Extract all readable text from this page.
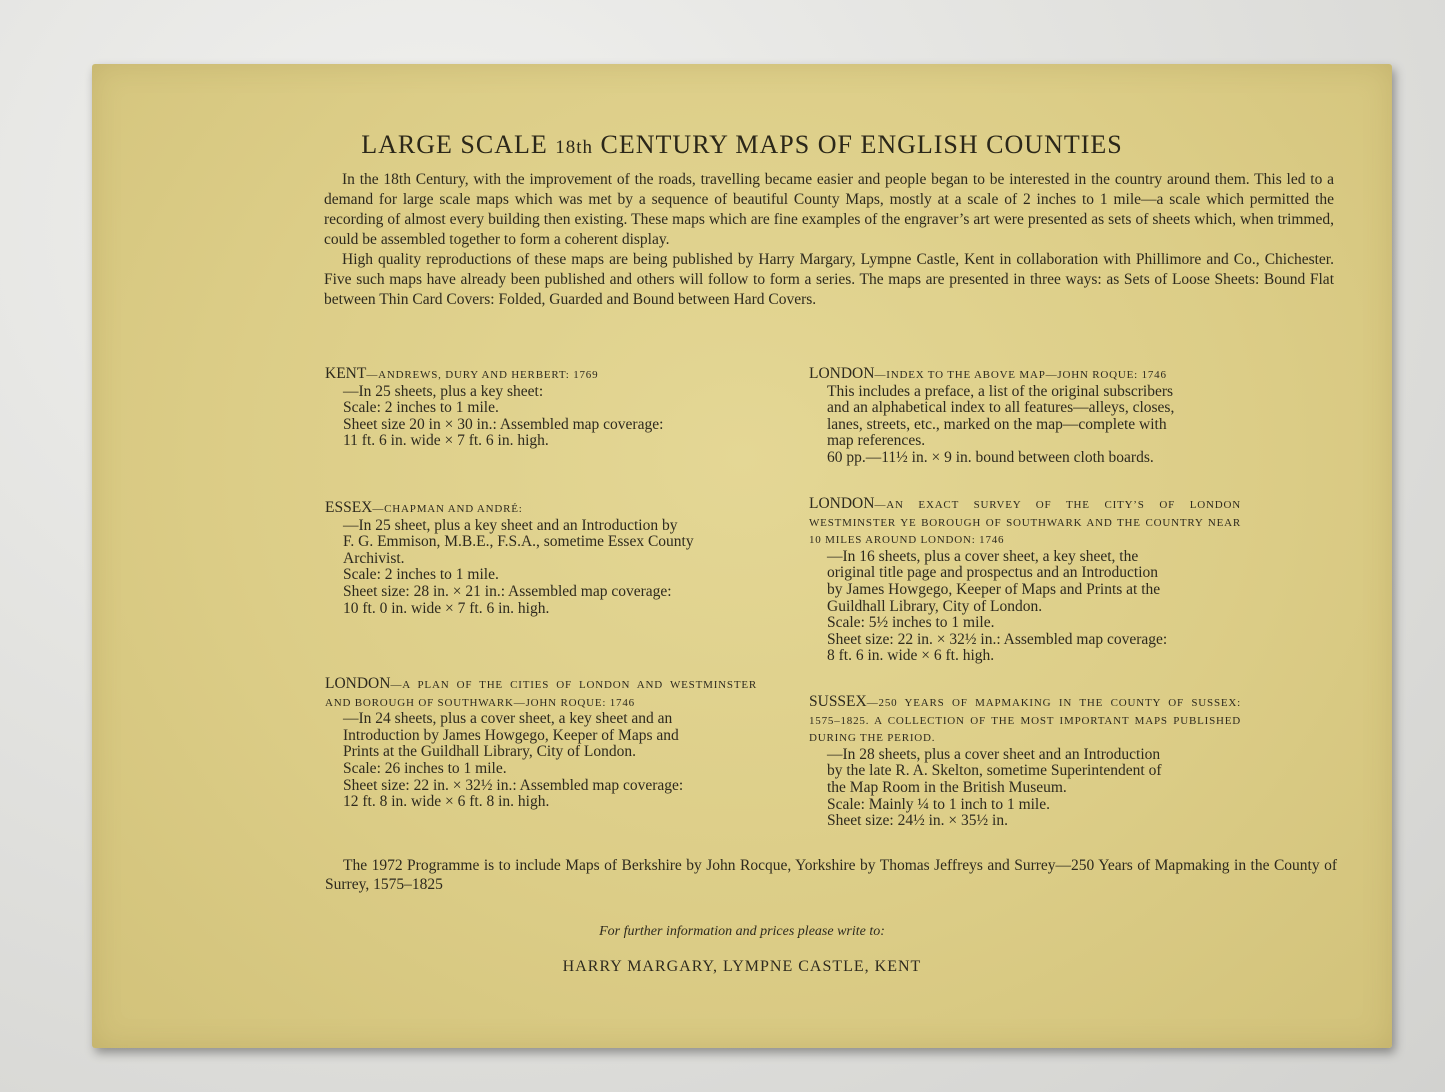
LARGE SCALE 18th CENTURY MAPS OF ENGLISH COUNTIES

In the 18th Century, with the improvement of the roads, travelling became easier and people began to be interested in the country around them. This led to a demand for large scale maps which was met by a sequence of beautiful County Maps, mostly at a scale of 2 inches to 1 mile—a scale which permitted the recording of almost every building then existing. These maps which are fine examples of the engraver’s art were presented as sets of sheets which, when trimmed, could be assembled together to form a coherent display.

High quality reproductions of these maps are being published by Harry Margary, Lympne Castle, Kent in collaboration with Phillimore and Co., Chichester. Five such maps have already been published and others will follow to form a series. The maps are presented in three ways: as Sets of Loose Sheets: Bound Flat between Thin Card Covers: Folded, Guarded and Bound between Hard Covers.

KENT—ANDREWS, DURY AND HERBERT: 1769

—In 25 sheets, plus a key sheet:

Scale: 2 inches to 1 mile.

Sheet size 20 in × 30 in.: Assembled map coverage:

11 ft. 6 in. wide × 7 ft. 6 in. high.

ESSEX—CHAPMAN AND ANDRÉ:

—In 25 sheet, plus a key sheet and an Introduction by

F. G. Emmison, M.B.E., F.S.A., sometime Essex County

Archivist.

Scale: 2 inches to 1 mile.

Sheet size: 28 in. × 21 in.: Assembled map coverage:

10 ft. 0 in. wide × 7 ft. 6 in. high.

LONDON—A PLAN OF THE CITIES OF LONDON AND WESTMINSTER AND BOROUGH OF SOUTHWARK—JOHN ROQUE: 1746

—In 24 sheets, plus a cover sheet, a key sheet and an

Introduction by James Howgego, Keeper of Maps and

Prints at the Guildhall Library, City of London.

Scale: 26 inches to 1 mile.

Sheet size: 22 in. × 32½ in.: Assembled map coverage:

12 ft. 8 in. wide × 6 ft. 8 in. high.

LONDON—INDEX TO THE ABOVE MAP—JOHN ROQUE: 1746

This includes a preface, a list of the original subscribers

and an alphabetical index to all features—alleys, closes,

lanes, streets, etc., marked on the map—complete with

map references.

60 pp.—11½ in. × 9 in. bound between cloth boards.

LONDON—AN EXACT SURVEY OF THE CITY’S OF LONDON WESTMINSTER YE BOROUGH OF SOUTHWARK AND THE COUNTRY NEAR 10 MILES AROUND LONDON: 1746

—In 16 sheets, plus a cover sheet, a key sheet, the

original title page and prospectus and an Introduction

by James Howgego, Keeper of Maps and Prints at the

Guildhall Library, City of London.

Scale: 5½ inches to 1 mile.

Sheet size: 22 in. × 32½ in.: Assembled map coverage:

8 ft. 6 in. wide × 6 ft. high.

SUSSEX—250 YEARS OF MAPMAKING IN THE COUNTY OF SUSSEX: 1575–1825. A COLLECTION OF THE MOST IMPORTANT MAPS PUBLISHED DURING THE PERIOD.

—In 28 sheets, plus a cover sheet and an Introduction

by the late R. A. Skelton, sometime Superintendent of

the Map Room in the British Museum.

Scale: Mainly ¼ to 1 inch to 1 mile.

Sheet size: 24½ in. × 35½ in.

The 1972 Programme is to include Maps of Berkshire by John Rocque, Yorkshire by Thomas Jeffreys and Surrey—250 Years of Mapmaking in the County of Surrey, 1575–1825

For further information and prices please write to:
HARRY MARGARY, LYMPNE CASTLE, KENT
